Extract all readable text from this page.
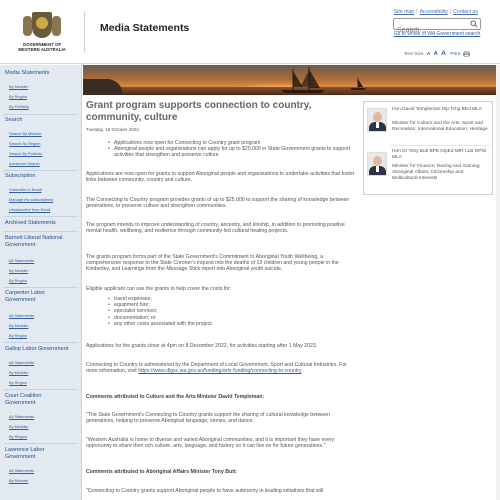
GOVERNMENT OF WESTERN AUSTRALIA
Media Statements
Site map | Accessibility | Contact us
Search...
Go to whole of WA Government search
Text Size A A A Print
Media Statements
By Minister
By Region
By Portfolio
Search
Search By Minister
Search By Region
Search By Portfolio
Advanced Search
Subscription
Subscribe to Email
Manage my subscriptions
Unsubscribe from Email
Archived Statements
Barnett Liberal National Government
All Statements
By Minister
By Region
Carpenter Labor Government
All Statements
By Minister
By Region
Gallop Labor Government
All Statements
By Minister
By Region
Court Coalition Government
All Statements
By Minister
By Region
Lawrence Labor Government
All Statements
By Minister
Grant program supports connection to country, community, culture
Tuesday, 18 October 2022
• Applications now open for Connecting to Country grant program
• Aboriginal people and organisations can apply for up to $25,000 in State Government grants to support activities that strengthen and preserve culture
Applications are now open for grants to support Aboriginal people and organisations to undertake activities that foster links between community, country and culture.
The Connecting to Country program provides grants of up to $25,000 to support the sharing of knowledge between generations, to preserve culture and strengthen communities.
The program intends to improve understanding of country, ancestry, and kinship, in addition to promoting positive mental health, wellbeing, and resilience through community-led cultural healing projects.
The grants program forms part of the State Government's Commitment to Aboriginal Youth Wellbeing, a comprehensive response to the State Coroner's inquest into the deaths of 13 children and young people in the Kimberley, and Learnings from the Message Stick report into Aboriginal youth suicide.
Eligible applicant can use the grants to help cover the costs for:
• travel expenses;
• equipment hire;
• specialist services;
• documentation; or
• any other costs associated with the project.
Applications for the grants close at 4pm on 8 December 2022, for activities starting after 1 May 2023.
Connecting to Country is administered by the Department of Local Government, Sport and Cultural Industries. For more information, visit https://www.dlgsc.wa.gov.au/funding/arts-funding/connecting-to-country
Comments attributed to Culture and the Arts Minister David Templeman:
"The State Government's Connecting to Country grants support the sharing of cultural knowledge between generations, helping to preserve Aboriginal language, stories, and dance.
"Western Australia is home to diverse and varied Aboriginal communities, and it is important they have every opportunity to share their rich culture, arts, language, and history so it can live on for future generations."
Comments attributed to Aboriginal Affairs Minister Tony Buti:
"Connecting to Country grants support Aboriginal people to have autonomy in leading initiatives that will
Hon David Templeman Dip Tchg BEd MLA
Minister for Culture and the Arts; Sport and Recreation; International Education; Heritage
Hon Dr Tony Buti BPE DipEd MIR LLB DPhil MLA
Minister for Finance; Racing and Gaming; Aboriginal Affairs; Citizenship and Multicultural Interests
